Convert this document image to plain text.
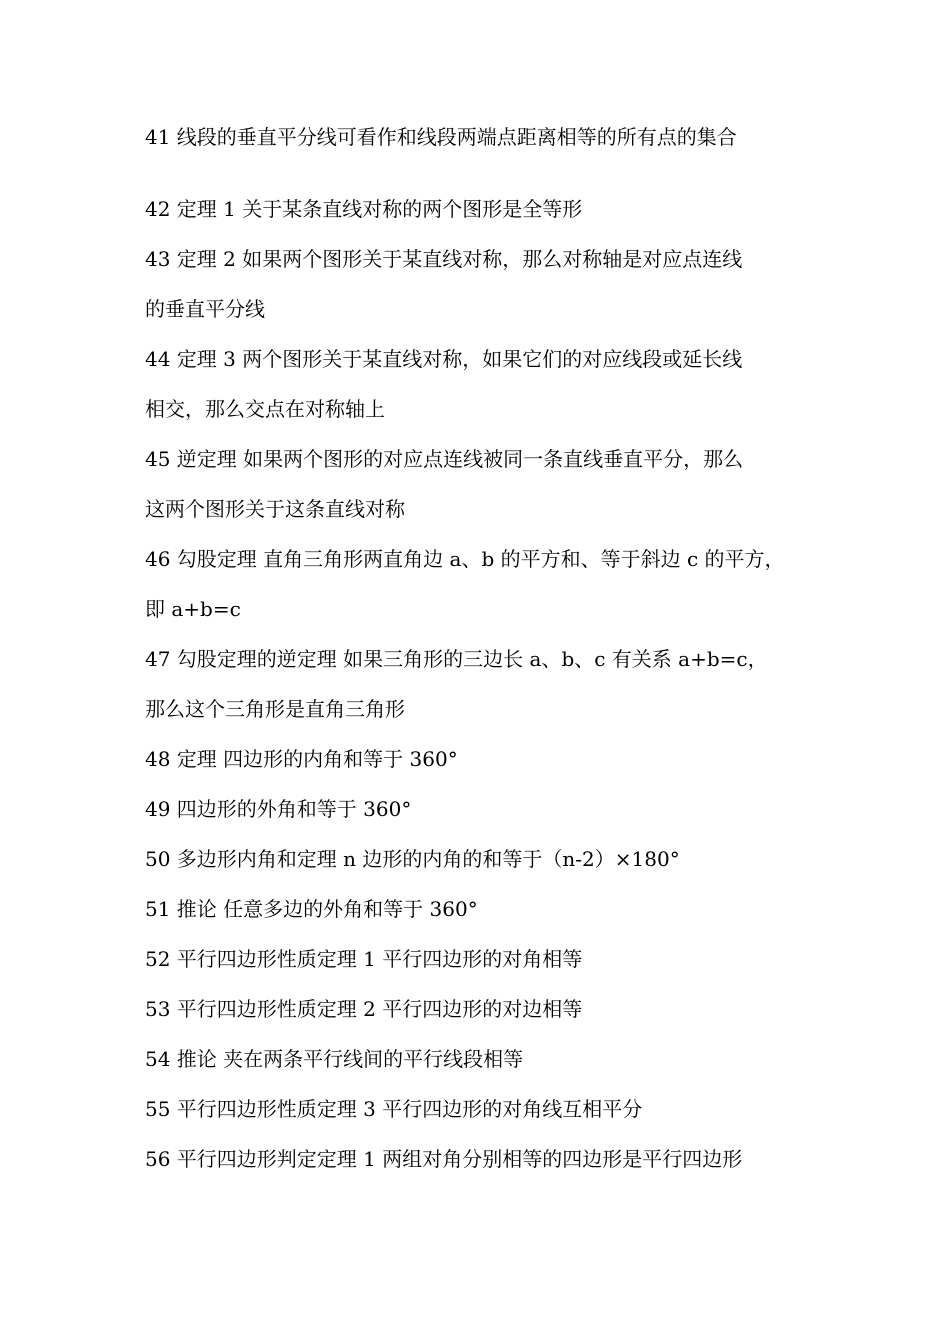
41 线段的垂直平分线可看作和线段两端点距离相等的所有点的集合
42 定理 1 关于某条直线对称的两个图形是全等形
43 定理 2 如果两个图形关于某直线对称，那么对称轴是对应点连线
的垂直平分线
44 定理 3 两个图形关于某直线对称，如果它们的对应线段或延长线
相交，那么交点在对称轴上
45 逆定理 如果两个图形的对应点连线被同一条直线垂直平分，那么
这两个图形关于这条直线对称
46 勾股定理 直角三角形两直角边 a、b 的平方和、等于斜边 c 的平方，
即 a+b=c
47 勾股定理的逆定理 如果三角形的三边长 a、b、c 有关系 a+b=c，
那么这个三角形是直角三角形
48 定理 四边形的内角和等于 360°
49 四边形的外角和等于 360°
50 多边形内角和定理 n 边形的内角的和等于（n-2）×180°
51 推论 任意多边的外角和等于 360°
52 平行四边形性质定理 1 平行四边形的对角相等
53 平行四边形性质定理 2 平行四边形的对边相等
54 推论 夹在两条平行线间的平行线段相等
55 平行四边形性质定理 3 平行四边形的对角线互相平分
56 平行四边形判定定理 1 两组对角分别相等的四边形是平行四边形
